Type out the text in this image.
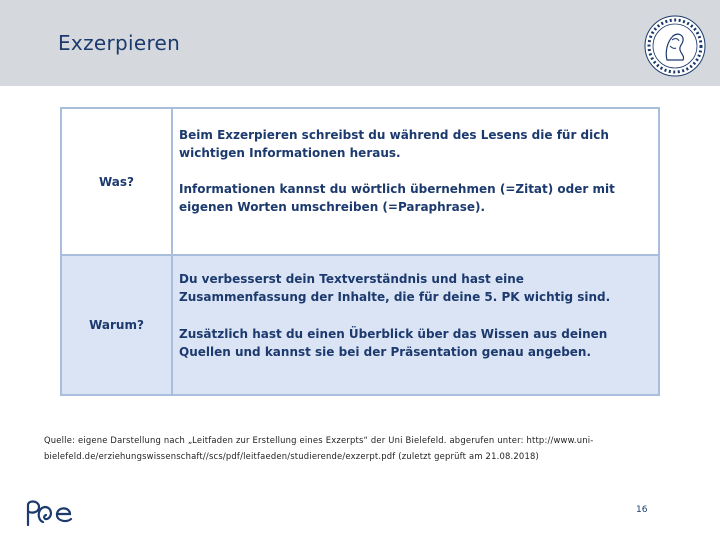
Exzerpieren
Was?

Beim Exzerpieren schreibst du während des Lesens die für dich wichtigen Informationen heraus.

Informationen kannst du wörtlich übernehmen (=Zitat) oder mit eigenen Worten umschreiben (=Paraphrase).

Warum?

Du verbesserst dein Textverständnis und hast eine Zusammenfassung der Inhalte, die für deine 5. PK wichtig sind.

Zusätzlich hast du einen Überblick über das Wissen aus deinen Quellen und kannst sie bei der Präsentation genau angeben.

Quelle: eigene Darstellung nach „Leitfaden zur Erstellung eines Exzerpts“ der Uni Bielefeld. abgerufen unter: http://www.uni-bielefeld.de/erziehungswissenschaft//scs/pdf/leitfaeden/studierende/exzerpt.pdf (zuletzt geprüft am 21.08.2018)
16
